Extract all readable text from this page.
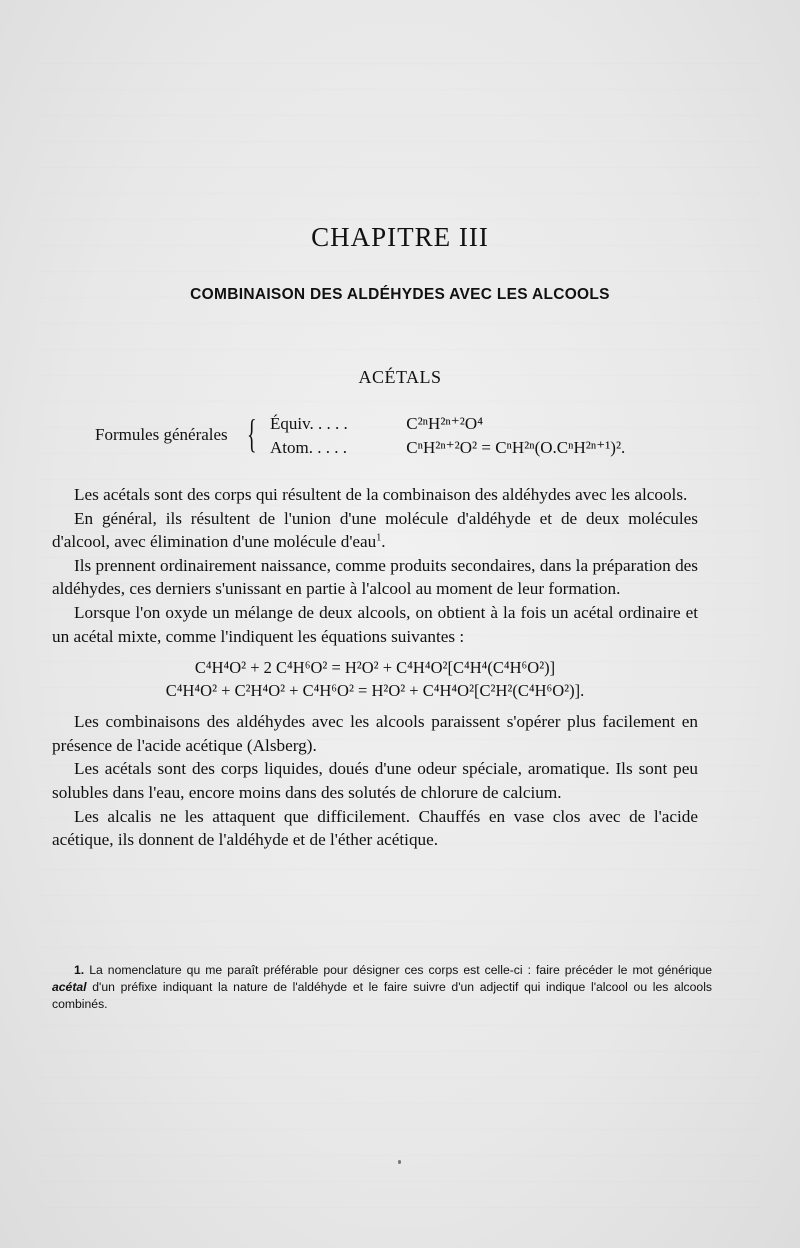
CHAPITRE III
COMBINAISON DES ALDÉHYDES AVEC LES ALCOOLS
ACÉTALS
Formules générales { Équiv. . . . .	C²ⁿH²ⁿ⁺²O⁴
Atom. . . . .	CⁿH²ⁿ⁺²O² = CⁿH²ⁿ(O.CⁿH²ⁿ⁺¹)².

Les acétals sont des corps qui résultent de la combinaison des aldéhydes avec les alcools.

En général, ils résultent de l'union d'une molécule d'aldéhyde et de deux molécules d'alcool, avec élimination d'une molécule d'eau$^1$.

Ils prennent ordinairement naissance, comme produits secondaires, dans la préparation des aldéhydes, ces derniers s'unissant en partie à l'alcool au moment de leur formation.

Lorsque l'on oxyde un mélange de deux alcools, on obtient à la fois un acétal ordinaire et un acétal mixte, comme l'indiquent les équations suivantes :

C⁴H⁴O² + 2 C⁴H⁶O² = H²O² + C⁴H⁴O²[C⁴H⁴(C⁴H⁶O²)]
C⁴H⁴O² + C²H⁴O² + C⁴H⁶O² = H²O² + C⁴H⁴O²[C²H²(C⁴H⁶O²)].

Les combinaisons des aldéhydes avec les alcools paraissent s'opérer plus facilement en présence de l'acide acétique (Alsberg).

Les acétals sont des corps liquides, doués d'une odeur spéciale, aromatique. Ils sont peu solubles dans l'eau, encore moins dans des solutés de chlorure de calcium.

Les alcalis ne les attaquent que difficilement. Chauffés en vase clos avec de l'acide acétique, ils donnent de l'aldéhyde et de l'éther acétique.

1. La nomenclature qu me paraît préférable pour désigner ces corps est celle-ci : faire précéder le mot générique acétal d'un préfixe indiquant la nature de l'aldéhyde et le faire suivre d'un adjectif qui indique l'alcool ou les alcools combinés.
